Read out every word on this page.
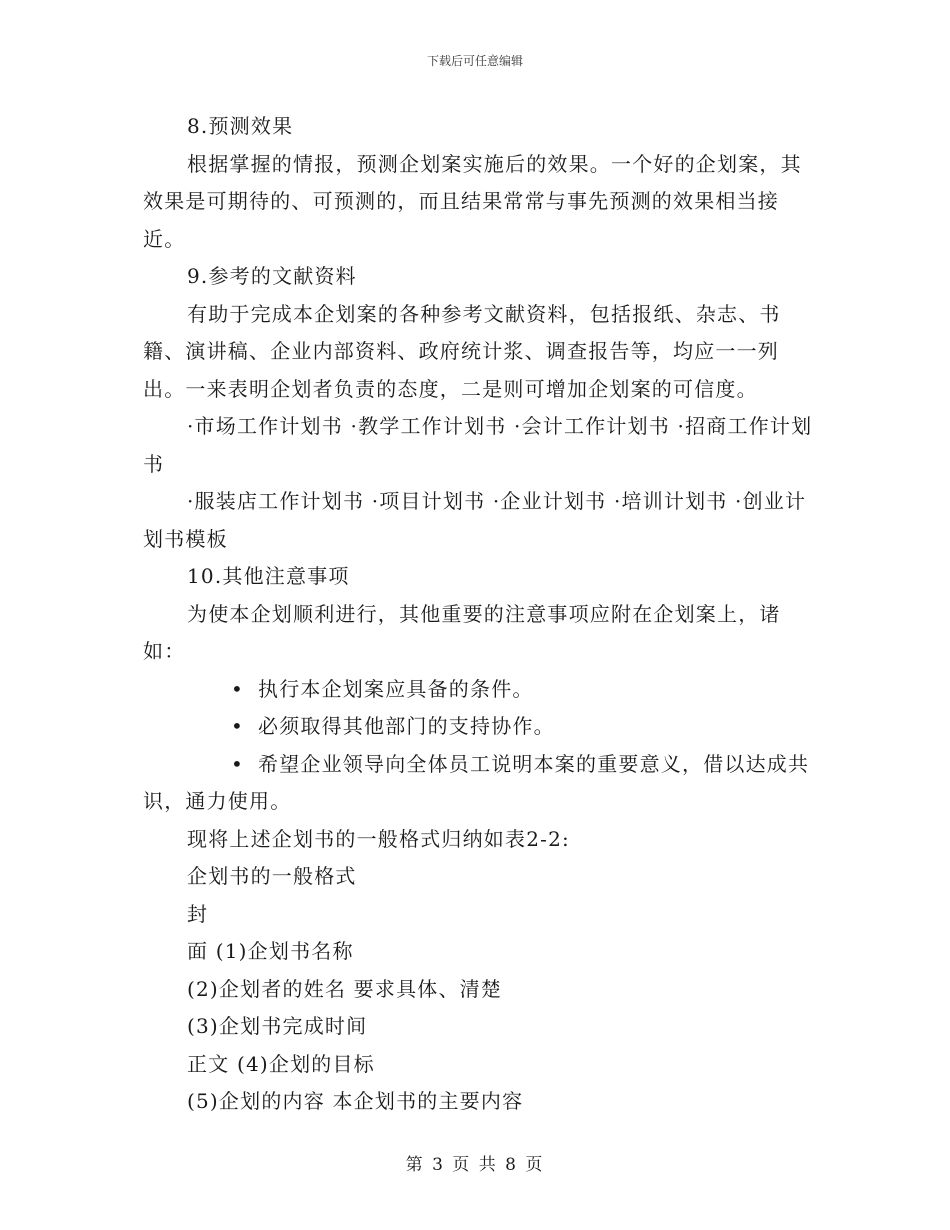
下载后可任意编辑

8.预测效果

根据掌握的情报，预测企划案实施后的效果。一个好的企划案，其效果是可期待的、可预测的，而且结果常常与事先预测的效果相当接近。

9.参考的文献资料

有助于完成本企划案的各种参考文献资料，包括报纸、杂志、书籍、演讲稿、企业内部资料、政府统计浆、调查报告等，均应一一列出。一来表明企划者负责的态度，二是则可增加企划案的可信度。

·市场工作计划书 ·教学工作计划书 ·会计工作计划书 ·招商工作计划书

·服装店工作计划书 ·项目计划书 ·企业计划书 ·培训计划书 ·创业计划书模板

10.其他注意事项

为使本企划顺利进行，其他重要的注意事项应附在企划案上，诸如：

• 执行本企划案应具备的条件。

• 必须取得其他部门的支持协作。

• 希望企业领导向全体员工说明本案的重要意义，借以达成共识，通力使用。

现将上述企划书的一般格式归纳如表2-2:

企划书的一般格式

封

面 (1)企划书名称

(2)企划者的姓名 要求具体、清楚

(3)企划书完成时间

正文 (4)企划的目标

(5)企划的内容 本企划书的主要内容

第 3 页 共 8 页
